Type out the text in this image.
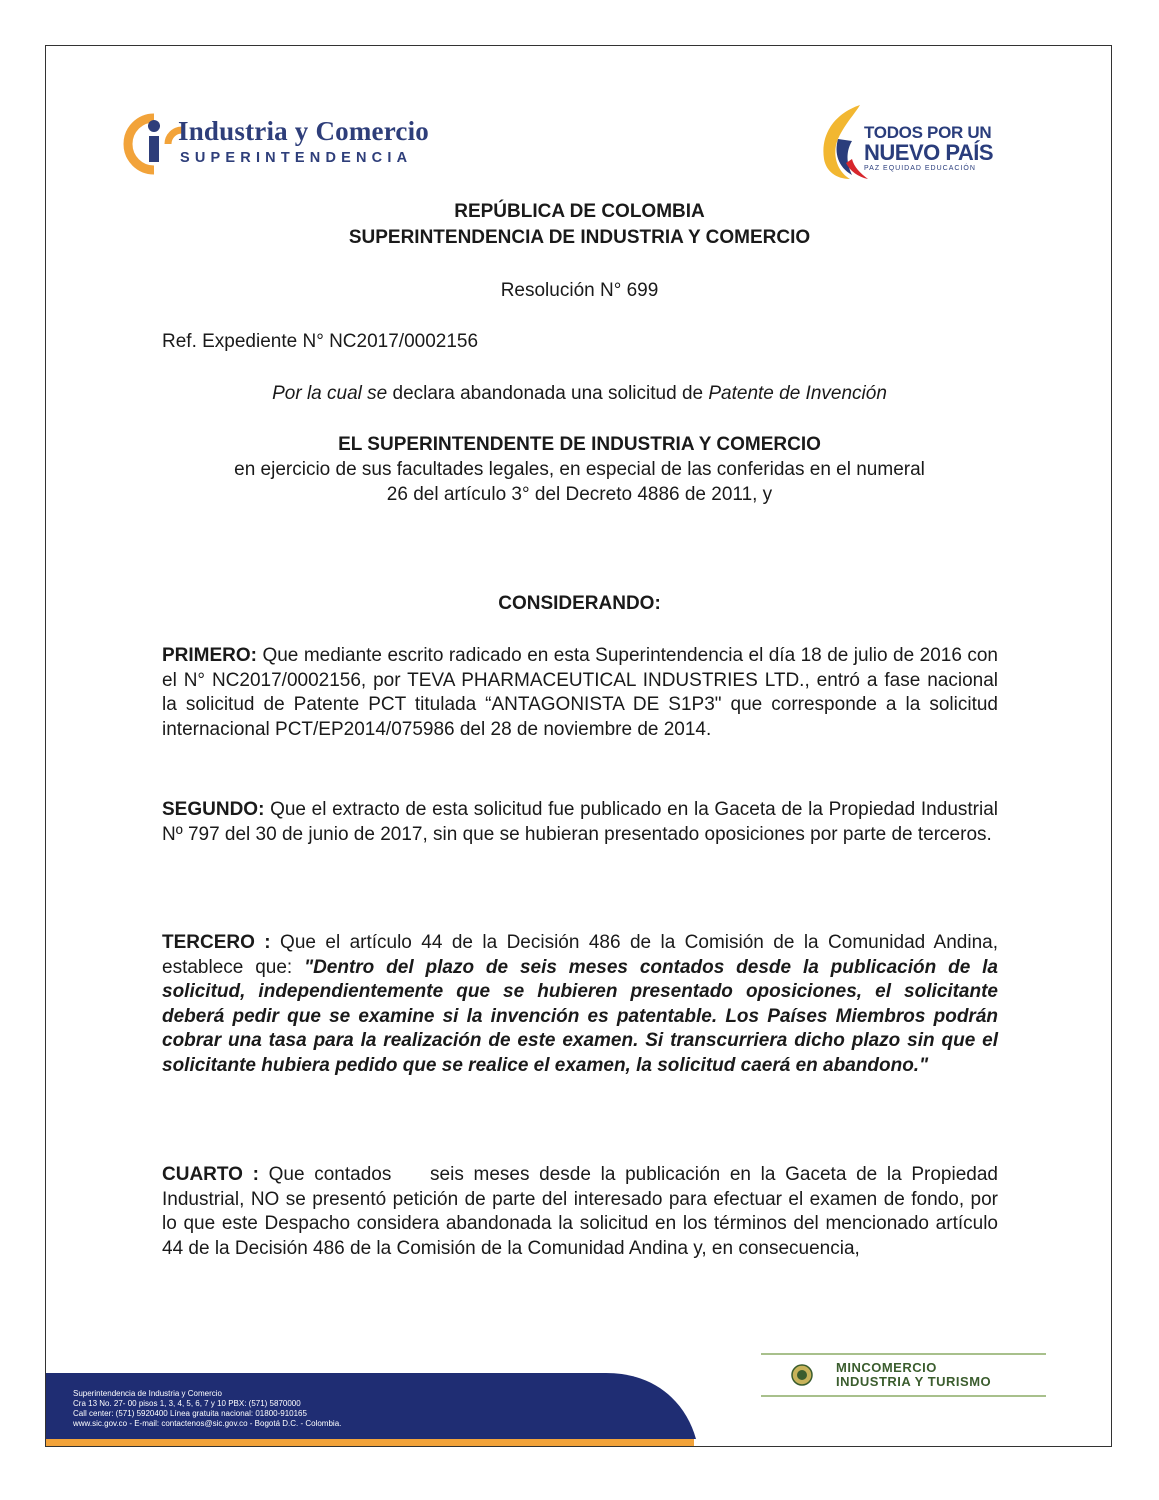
Industria y Comercio
SUPERINTENDENCIA
TODOS POR UN
NUEVO PAÍS
PAZ EQUIDAD EDUCACIÓN
REPÚBLICA DE COLOMBIA
SUPERINTENDENCIA DE INDUSTRIA Y COMERCIO
Resolución N° 699
Ref. Expediente N° NC2017/0002156
Por la cual se declara abandonada una solicitud de Patente de Invención
EL SUPERINTENDENTE DE INDUSTRIA Y COMERCIO
en ejercicio de sus facultades legales, en especial de las conferidas en el numeral
26 del artículo 3° del Decreto 4886 de 2011, y
CONSIDERANDO:
PRIMERO: Que mediante escrito radicado en esta Superintendencia el día 18 de julio de 2016 con el N° NC2017/0002156, por TEVA PHARMACEUTICAL INDUSTRIES LTD., entró a fase nacional la solicitud de Patente PCT titulada “ANTAGONISTA DE S1P3" que corresponde a la solicitud internacional PCT/EP2014/075986 del 28 de noviembre de 2014.
SEGUNDO: Que el extracto de esta solicitud fue publicado en la Gaceta de la Propiedad Industrial Nº 797 del 30 de junio de 2017, sin que se hubieran presentado oposiciones por parte de terceros.
TERCERO : Que el artículo 44 de la Decisión 486 de la Comisión de la Comunidad Andina, establece que: "Dentro del plazo de seis meses contados desde la publicación de la solicitud, independientemente que se hubieren presentado oposiciones, el solicitante deberá pedir que se examine si la invención es patentable. Los Países Miembros podrán cobrar una tasa para la realización de este examen. Si transcurriera dicho plazo sin que el solicitante hubiera pedido que se realice el examen, la solicitud caerá en abandono."
CUARTO : Que contados    seis meses desde la publicación en la Gaceta de la Propiedad Industrial, NO se presentó petición de parte del interesado para efectuar el examen de fondo, por lo que este Despacho considera abandonada la solicitud en los términos del mencionado artículo 44 de la Decisión 486 de la Comisión de la Comunidad Andina y, en consecuencia,
Superintendencia de Industria y Comercio
Cra 13 No. 27- 00 pisos 1, 3, 4, 5, 6, 7 y 10 PBX: (571) 5870000
Call center: (571) 5920400 Línea gratuita nacional: 01800-910165
www.sic.gov.co - E-mail: contactenos@sic.gov.co - Bogotá D.C. - Colombia.
MINCOMERCIO
INDUSTRIA Y TURISMO
